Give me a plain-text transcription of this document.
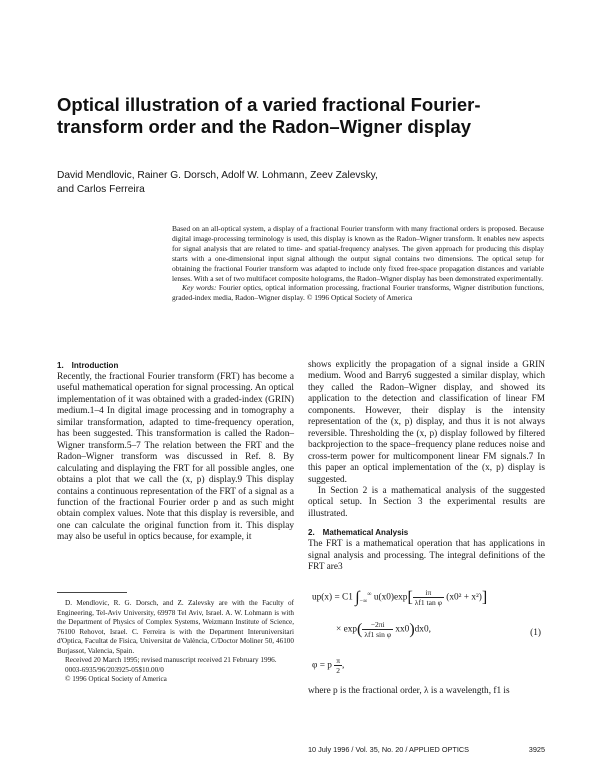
Optical illustration of a varied fractional Fourier-transform order and the Radon–Wigner display
David Mendlovic, Rainer G. Dorsch, Adolf W. Lohmann, Zeev Zalevsky,
and Carlos Ferreira

Based on an all-optical system, a display of a fractional Fourier transform with many fractional orders is proposed. Because digital image-processing terminology is used, this display is known as the Radon–Wigner transform. It enables new aspects for signal analysis that are related to time- and spatial-frequency analyses. The given approach for producing this display starts with a one-dimensional input signal although the output signal contains two dimensions. The optical setup for obtaining the fractional Fourier transform was adapted to include only fixed free-space propagation distances and variable lenses. With a set of two multifacet composite holograms, the Radon–Wigner display has been demonstrated experimentally.

Key words: Fourier optics, optical information processing, fractional Fourier transforms, Wigner distribution functions, graded-index media, Radon–Wigner display. © 1996 Optical Society of America

1. Introduction

Recently, the fractional Fourier transform (FRT) has become a useful mathematical operation for signal processing. An optical implementation of it was obtained with a graded-index (GRIN) medium.1–4 In digital image processing and in tomography a similar transformation, adapted to time-frequency operation, has been suggested. This transformation is called the Radon–Wigner transform.5–7 The relation between the FRT and the Radon–Wigner transform was discussed in Ref. 8. By calculating and displaying the FRT for all possible angles, one obtains a plot that we call the (x, p) display.9 This display contains a continuous representation of the FRT of a signal as a function of the fractional Fourier order p and as such might obtain complex values. Note that this display is reversible, and one can calculate the original function from it. This display may also be useful in optics because, for example, it

D. Mendlovic, R. G. Dorsch, and Z. Zalevsky are with the Faculty of Engineering, Tel-Aviv University, 69978 Tel Aviv, Israel. A. W. Lohmann is with the Department of Physics of Complex Systems, Weizmann Institute of Science, 76100 Rehovot, Israel. C. Ferreira is with the Department Interuniversitari d'Optica, Facultat de Fisica, Universitat de València, C/Doctor Moliner 50, 46100 Burjassot, Valencia, Spain.

Received 20 March 1995; revised manuscript received 21 February 1996.

0003-6935/96/203925-05$10.00/0

© 1996 Optical Society of America

shows explicitly the propagation of a signal inside a GRIN medium. Wood and Barry6 suggested a similar display, which they called the Radon–Wigner display, and showed its application to the detection and classification of linear FM components. However, their display is the intensity representation of the (x, p) display, and thus it is not always reversible. Thresholding the (x, p) display followed by filtered backprojection to the space–frequency plane reduces noise and cross-term power for multicomponent linear FM signals.7 In this paper an optical implementation of the (x, p) display is suggested.

In Section 2 is a mathematical analysis of the suggested optical setup. In Section 3 the experimental results are illustrated.

2. Mathematical Analysis

The FRT is a mathematical operation that has applications in signal analysis and processing. The integral definitions of the FRT are3

up(x) = C1 $\int_{-\infty}^\infty$ $u(x0)\exp[ \frac{i\pi}{\text{λf1 tan φ}} (x0^2 + x^2)]$
× $\exp( \frac{-2\pi i}{\text{λf1 sin φ}} xx0)dx0$,	(1)
φ = p $\frac{\pi}{2}$ ,

where p is the fractional order, λ is a wavelength, f1 is

10 July 1996 / Vol. 35, No. 20 / APPLIED OPTICS	3925
